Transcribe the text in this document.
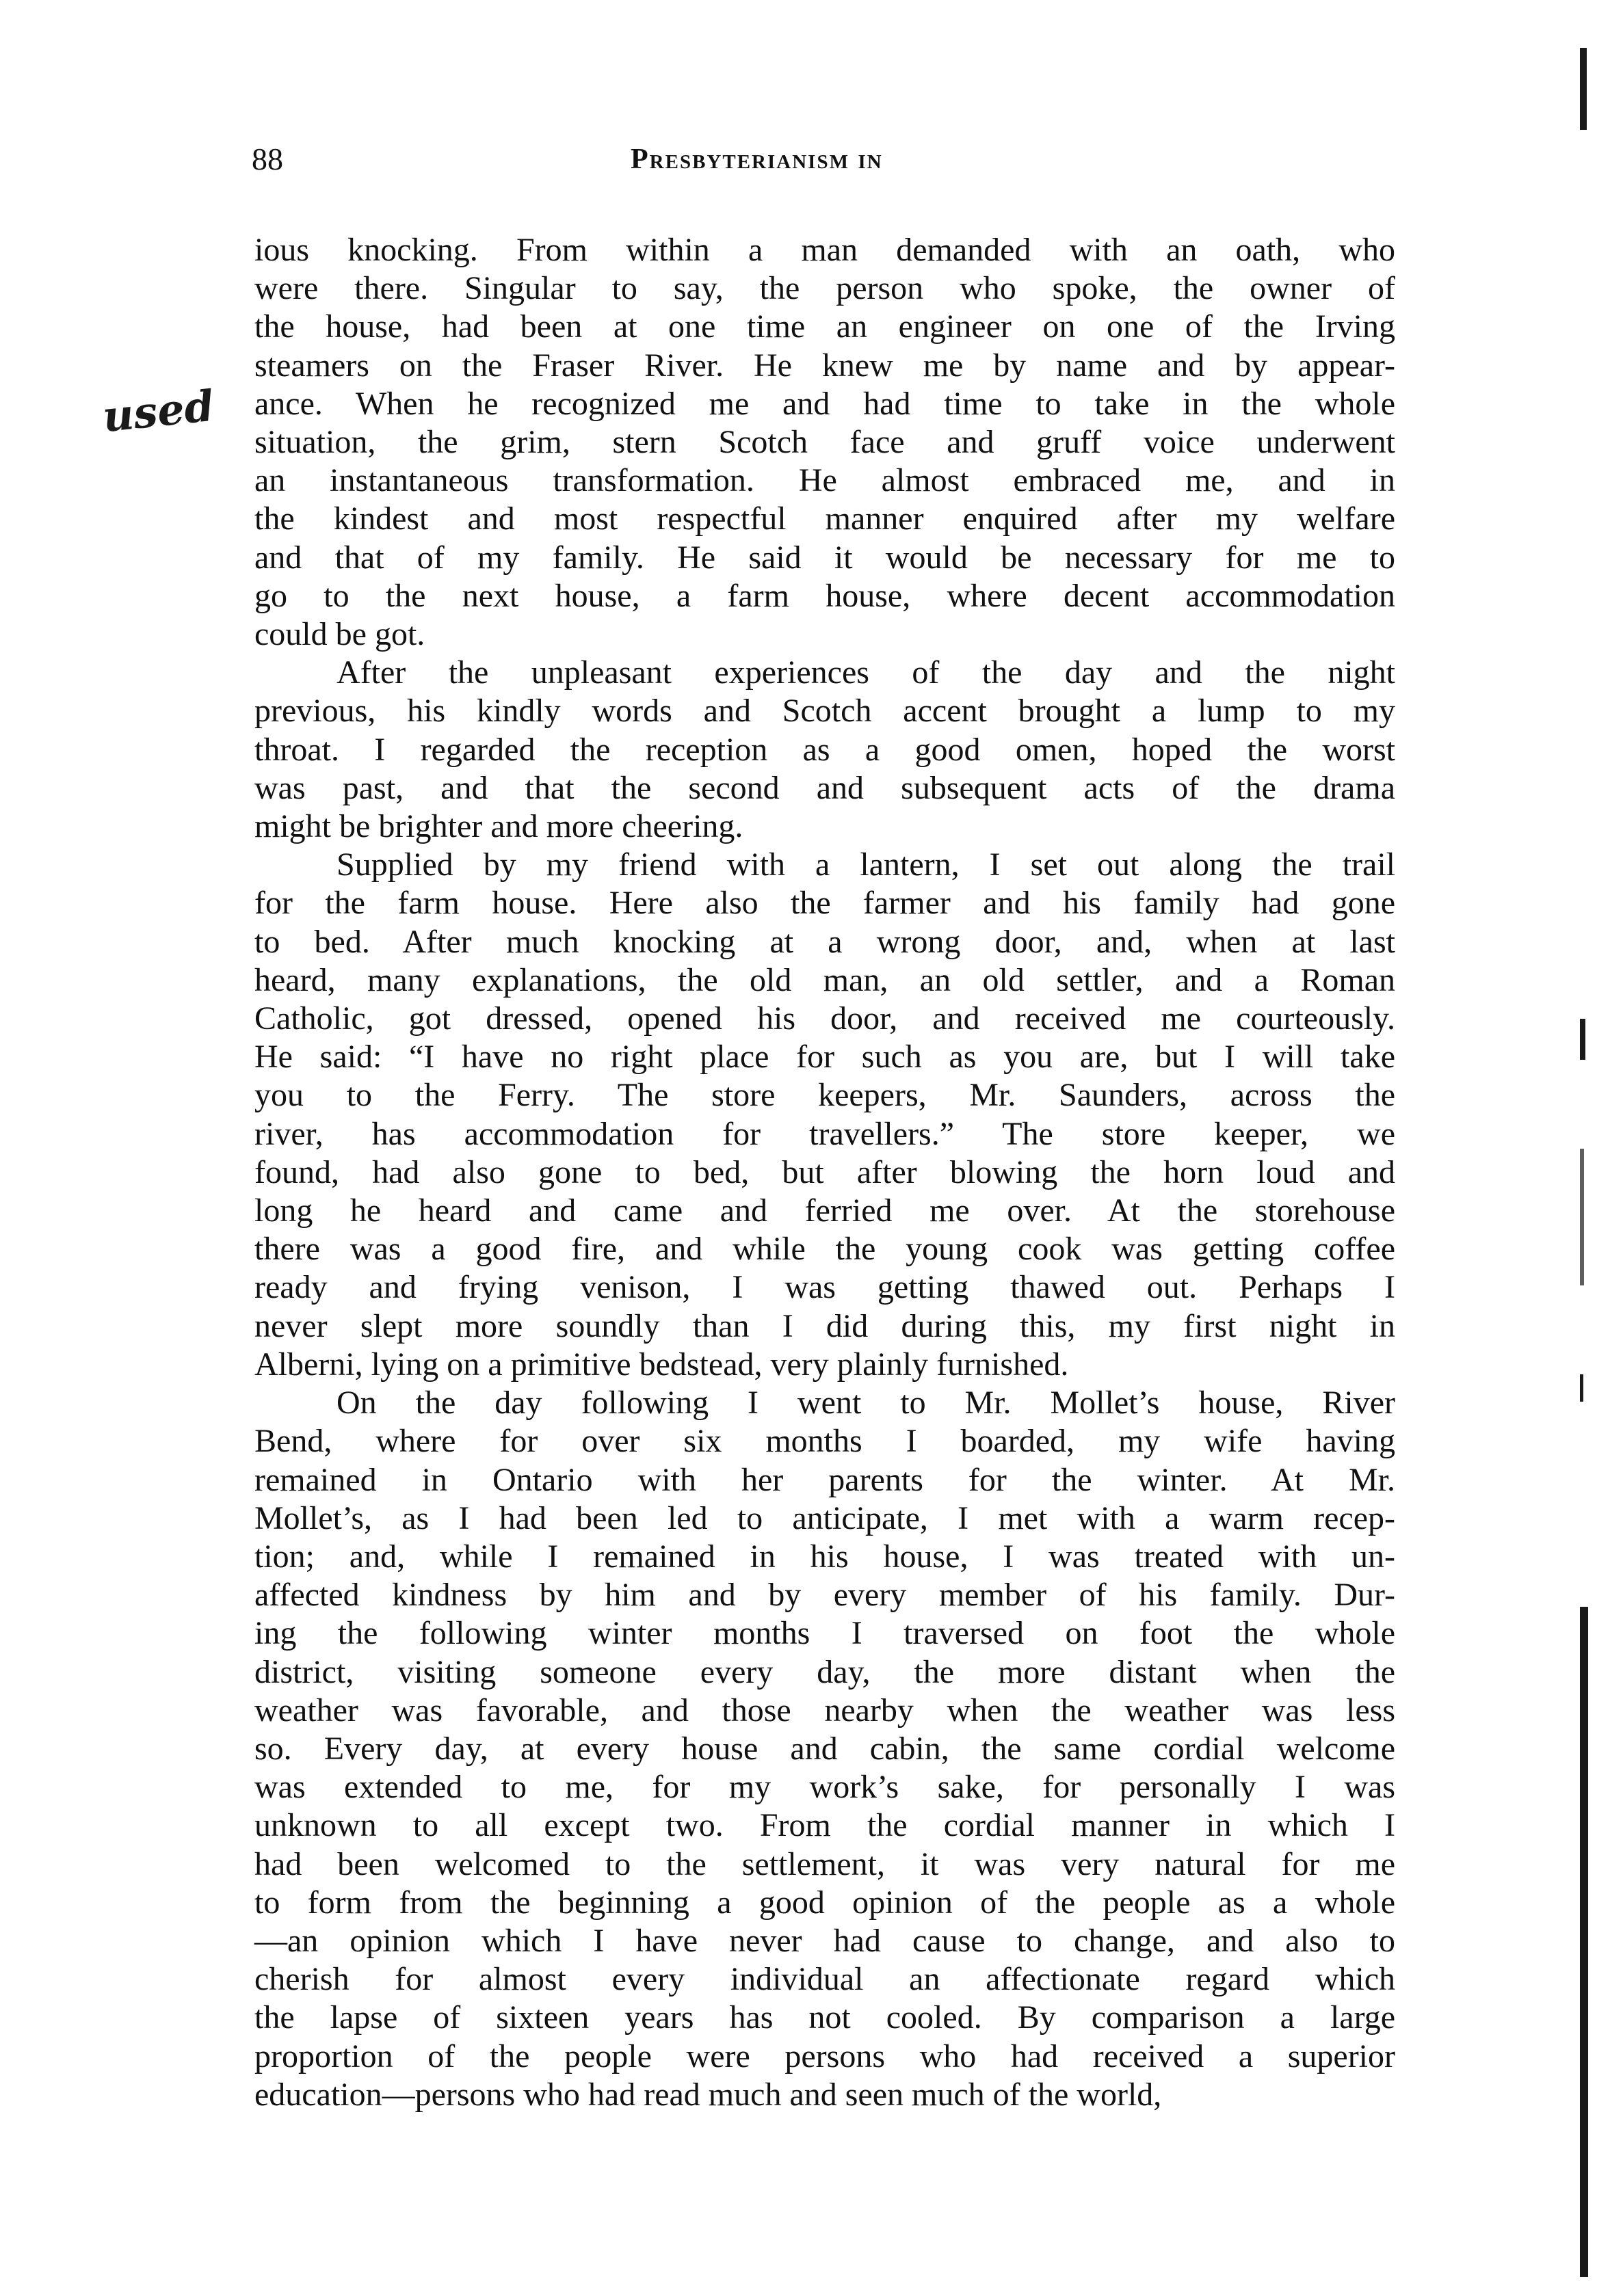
88	Presbyterianism in
used

ious knocking. From within a man demanded with an oath, who
were there. Singular to say, the person who spoke, the owner of
the house, had been at one time an engineer on one of the Irving
steamers on the Fraser River. He knew me by name and by appear-
ance. When he recognized me and had time to take in the whole
situation, the grim, stern Scotch face and gruff voice underwent
an instantaneous transformation. He almost embraced me, and in
the kindest and most respectful manner enquired after my welfare
and that of my family. He said it would be necessary for me to
go to the next house, a farm house, where decent accommodation
could be got.

After the unpleasant experiences of the day and the night
previous, his kindly words and Scotch accent brought a lump to my
throat. I regarded the reception as a good omen, hoped the worst
was past, and that the second and subsequent acts of the drama
might be brighter and more cheering.

Supplied by my friend with a lantern, I set out along the trail
for the farm house. Here also the farmer and his family had gone
to bed. After much knocking at a wrong door, and, when at last
heard, many explanations, the old man, an old settler, and a Roman
Catholic, got dressed, opened his door, and received me courteously.
He said: “I have no right place for such as you are, but I will take
you to the Ferry. The store keepers, Mr. Saunders, across the
river, has accommodation for travellers.” The store keeper, we
found, had also gone to bed, but after blowing the horn loud and
long he heard and came and ferried me over. At the storehouse
there was a good fire, and while the young cook was getting coffee
ready and frying venison, I was getting thawed out. Perhaps I
never slept more soundly than I did during this, my first night in
Alberni, lying on a primitive bedstead, very plainly furnished.

On the day following I went to Mr. Mollet’s house, River
Bend, where for over six months I boarded, my wife having
remained in Ontario with her parents for the winter. At Mr.
Mollet’s, as I had been led to anticipate, I met with a warm recep-
tion; and, while I remained in his house, I was treated with un-
affected kindness by him and by every member of his family. Dur-
ing the following winter months I traversed on foot the whole
district, visiting someone every day, the more distant when the
weather was favorable, and those nearby when the weather was less
so. Every day, at every house and cabin, the same cordial welcome
was extended to me, for my work’s sake, for personally I was
unknown to all except two. From the cordial manner in which I
had been welcomed to the settlement, it was very natural for me
to form from the beginning a good opinion of the people as a whole
—an opinion which I have never had cause to change, and also to
cherish for almost every individual an affectionate regard which
the lapse of sixteen years has not cooled. By comparison a large
proportion of the people were persons who had received a superior
education—persons who had read much and seen much of the world,
